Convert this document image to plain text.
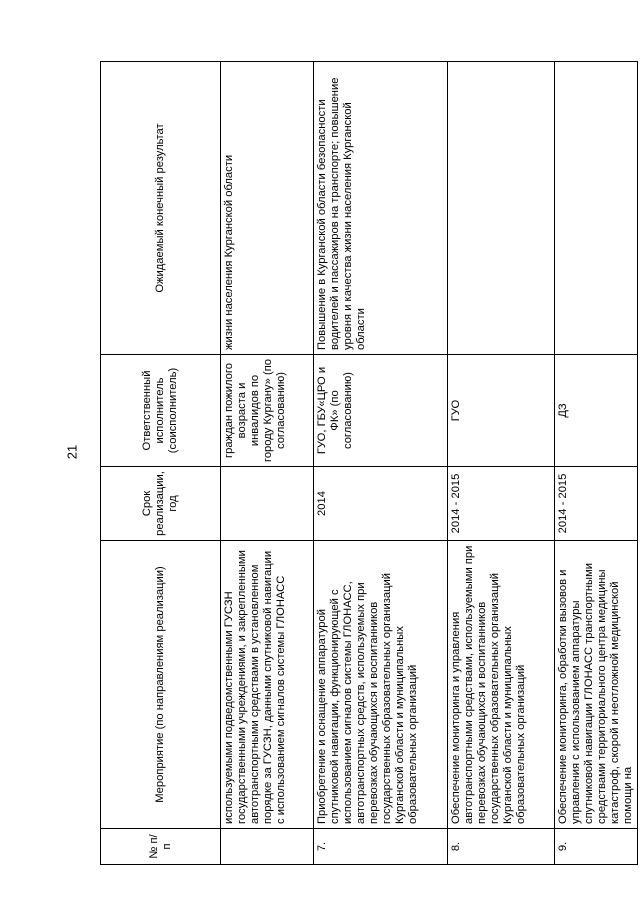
21
№ п/п	Мероприятие (по направлениям реализации)	Срок реализации, год	Ответственный исполнитель (соисполнитель)	Ожидаемый конечный результат
	используемыми подведомственными ГУСЗН государственными учреждениями, и закрепленными автотранспортными средствами в установленном порядке за ГУСЗН, данными спутниковой навигации с использованием сигналов системы ГЛОНАСС		граждан пожилого возраста и инвалидов по городу Кургану» (по согласованию)	жизни населения Курганской области
7.	Приобретение и оснащение аппаратурой спутниковой навигации, функционирующей с использованием сигналов системы ГЛОНАСС, автотранспортных средств, используемых при перевозках обучающихся и воспитанников государственных образовательных организаций Курганской области и муниципальных образовательных организаций	2014	ГУО, ГБУ«ЦРО и ФК» (по согласованию)	Повышение в Курганской области безопасности водителей и пассажиров на транспорте; повышение уровня и качества жизни населения Курганской области
8.	Обеспечение мониторинга и управления автотранспортными средствами, используемыми при перевозках обучающихся и воспитанников государственных образовательных организаций Курганской области и муниципальных образовательных организаций	2014 - 2015	ГУО	
9.	Обеспечение мониторинга, обработки вызовов и управления с использованием аппаратуры спутниковой навигации ГЛОНАСС транспортными средствами территориального центра медицины катастроф, скорой и неотложной медицинской помощи на	2014 - 2015	ДЗ	
